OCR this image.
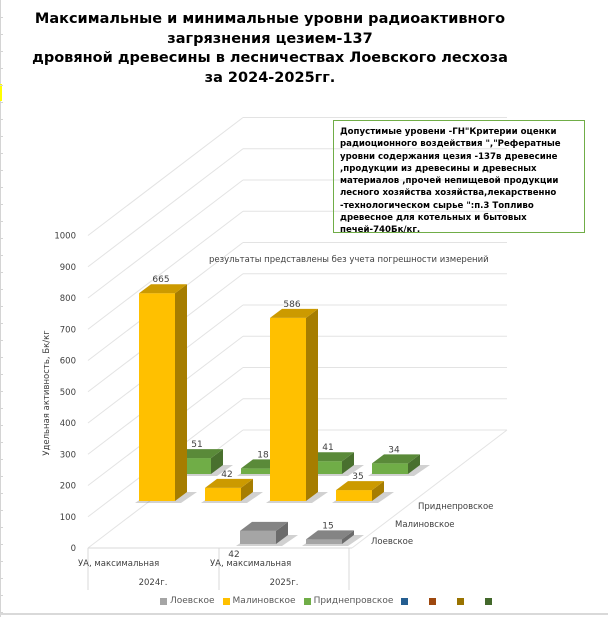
Максимальные и минимальные уровни радиоактивного
загрязнения цезием-137
дровяной древесины в лесничествах Лоевского лесхоза
за 2024-2025гг.
0
100
200
300
400
500
600
700
800
900
1000
Удельная активность, Бк/кг
результаты представлены без учета погрешности измерений
УА, максимальная	УА, максимальная
2024г.	2025г.
Лоевское
Малиновское
Приднепровское
51
18
41	34
665
42
586
35
42
15
Допустимые уровени -ГН"Критерии оценки радиоционного воздействия ","Реферaтные уровни содержания цезия -137в древесине ,продукции из древесины и древесных материалов ,прочей непищевой продукции лесного хозяйства хозяйства,лекарственно -технологическом сырье ":п.3 Топливо древесное для котельных и бытовых печей-740Бк/кг.
Лоевское Малиновское Приднепровское
